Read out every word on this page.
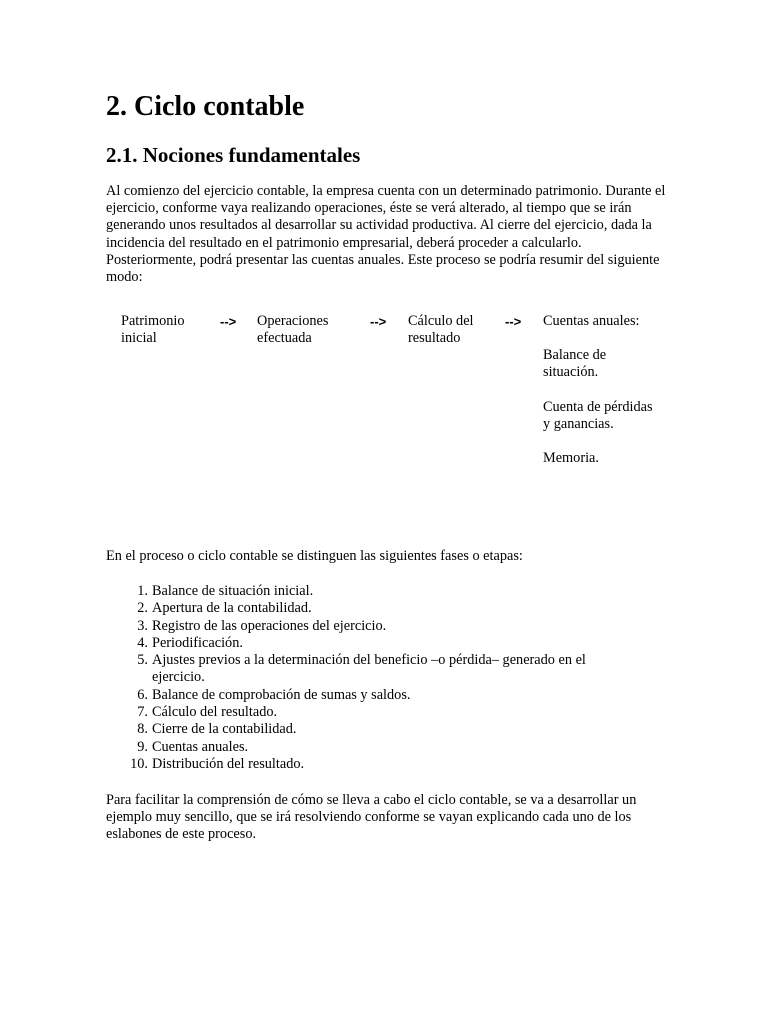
2. Ciclo contable
2.1. Nociones fundamentales

Al comienzo del ejercicio contable, la empresa cuenta con un determinado patrimonio. Durante el ejercicio, conforme vaya realizando operaciones, éste se verá alterado, al tiempo que se irán generando unos resultados al desarrollar su actividad productiva. Al cierre del ejercicio, dada la incidencia del resultado en el patrimonio empresarial, deberá proceder a calcularlo. Posteriormente, podrá presentar las cuentas anuales. Este proceso se podría resumir del siguiente modo:

Patrimonio inicial
--> Operaciones efectuada
--> Cálculo del resultado
--> Cuentas anuales:
Balance de situación.
Cuenta de pérdidas y ganancias.
Memoria.

En el proceso o ciclo contable se distinguen las siguientes fases o etapas:

1. Balance de situación inicial.
2. Apertura de la contabilidad.
3. Registro de las operaciones del ejercicio.
4. Periodificación.
5. Ajustes previos a la determinación del beneficio –o pérdida– generado en el ejercicio.
6. Balance de comprobación de sumas y saldos.
7. Cálculo del resultado.
8. Cierre de la contabilidad.
9. Cuentas anuales.
10. Distribución del resultado.

Para facilitar la comprensión de cómo se lleva a cabo el ciclo contable, se va a desarrollar un ejemplo muy sencillo, que se irá resolviendo conforme se vayan explicando cada uno de los eslabones de este proceso.
